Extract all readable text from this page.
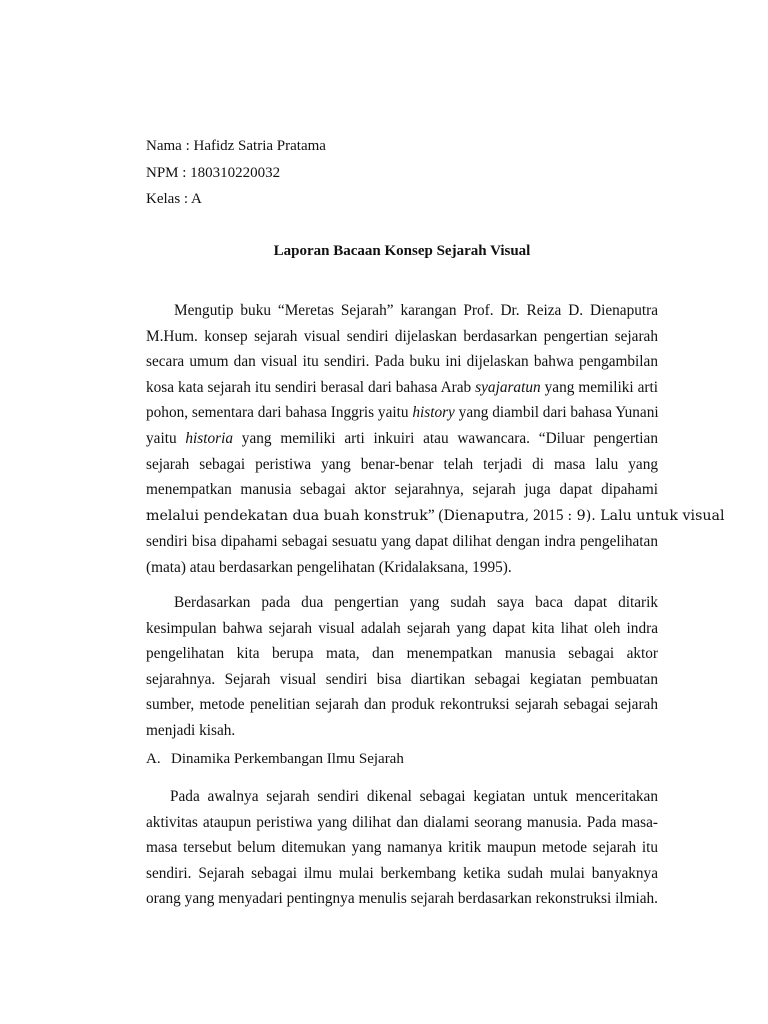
Nama : Hafidz Satria Pratama
NPM : 180310220032
Kelas : A
Laporan Bacaan Konsep Sejarah Visual

Mengutip buku “Meretas Sejarah” karangan Prof. Dr. Reiza D. Dienaputra
M.Hum. konsep sejarah visual sendiri dijelaskan berdasarkan pengertian sejarah
secara umum dan visual itu sendiri. Pada buku ini dijelaskan bahwa pengambilan
kosa kata sejarah itu sendiri berasal dari bahasa Arab syajaratun yang memiliki arti
pohon, sementara dari bahasa Inggris yaitu history yang diambil dari bahasa Yunani
yaitu historia yang memiliki arti inkuiri atau wawancara. “Diluar pengertian
sejarah sebagai peristiwa yang benar-benar telah terjadi di masa lalu yang
menempatkan manusia sebagai aktor sejarahnya, sejarah juga dapat dipahami
melalui pendekatan dua buah konstruk” (Dienaputra, 2015 : 9). Lalu untuk visual
sendiri bisa dipahami sebagai sesuatu yang dapat dilihat dengan indra pengelihatan
(mata) atau berdasarkan pengelihatan (Kridalaksana, 1995).

Berdasarkan pada dua pengertian yang sudah saya baca dapat ditarik
kesimpulan bahwa sejarah visual adalah sejarah yang dapat kita lihat oleh indra
pengelihatan kita berupa mata, dan menempatkan manusia sebagai aktor
sejarahnya. Sejarah visual sendiri bisa diartikan sebagai kegiatan pembuatan
sumber, metode penelitian sejarah dan produk rekontruksi sejarah sebagai sejarah
menjadi kisah.

A. Dinamika Perkembangan Ilmu Sejarah

Pada awalnya sejarah sendiri dikenal sebagai kegiatan untuk menceritakan
aktivitas ataupun peristiwa yang dilihat dan dialami seorang manusia. Pada masa-
masa tersebut belum ditemukan yang namanya kritik maupun metode sejarah itu
sendiri. Sejarah sebagai ilmu mulai berkembang ketika sudah mulai banyaknya
orang yang menyadari pentingnya menulis sejarah berdasarkan rekonstruksi ilmiah.
